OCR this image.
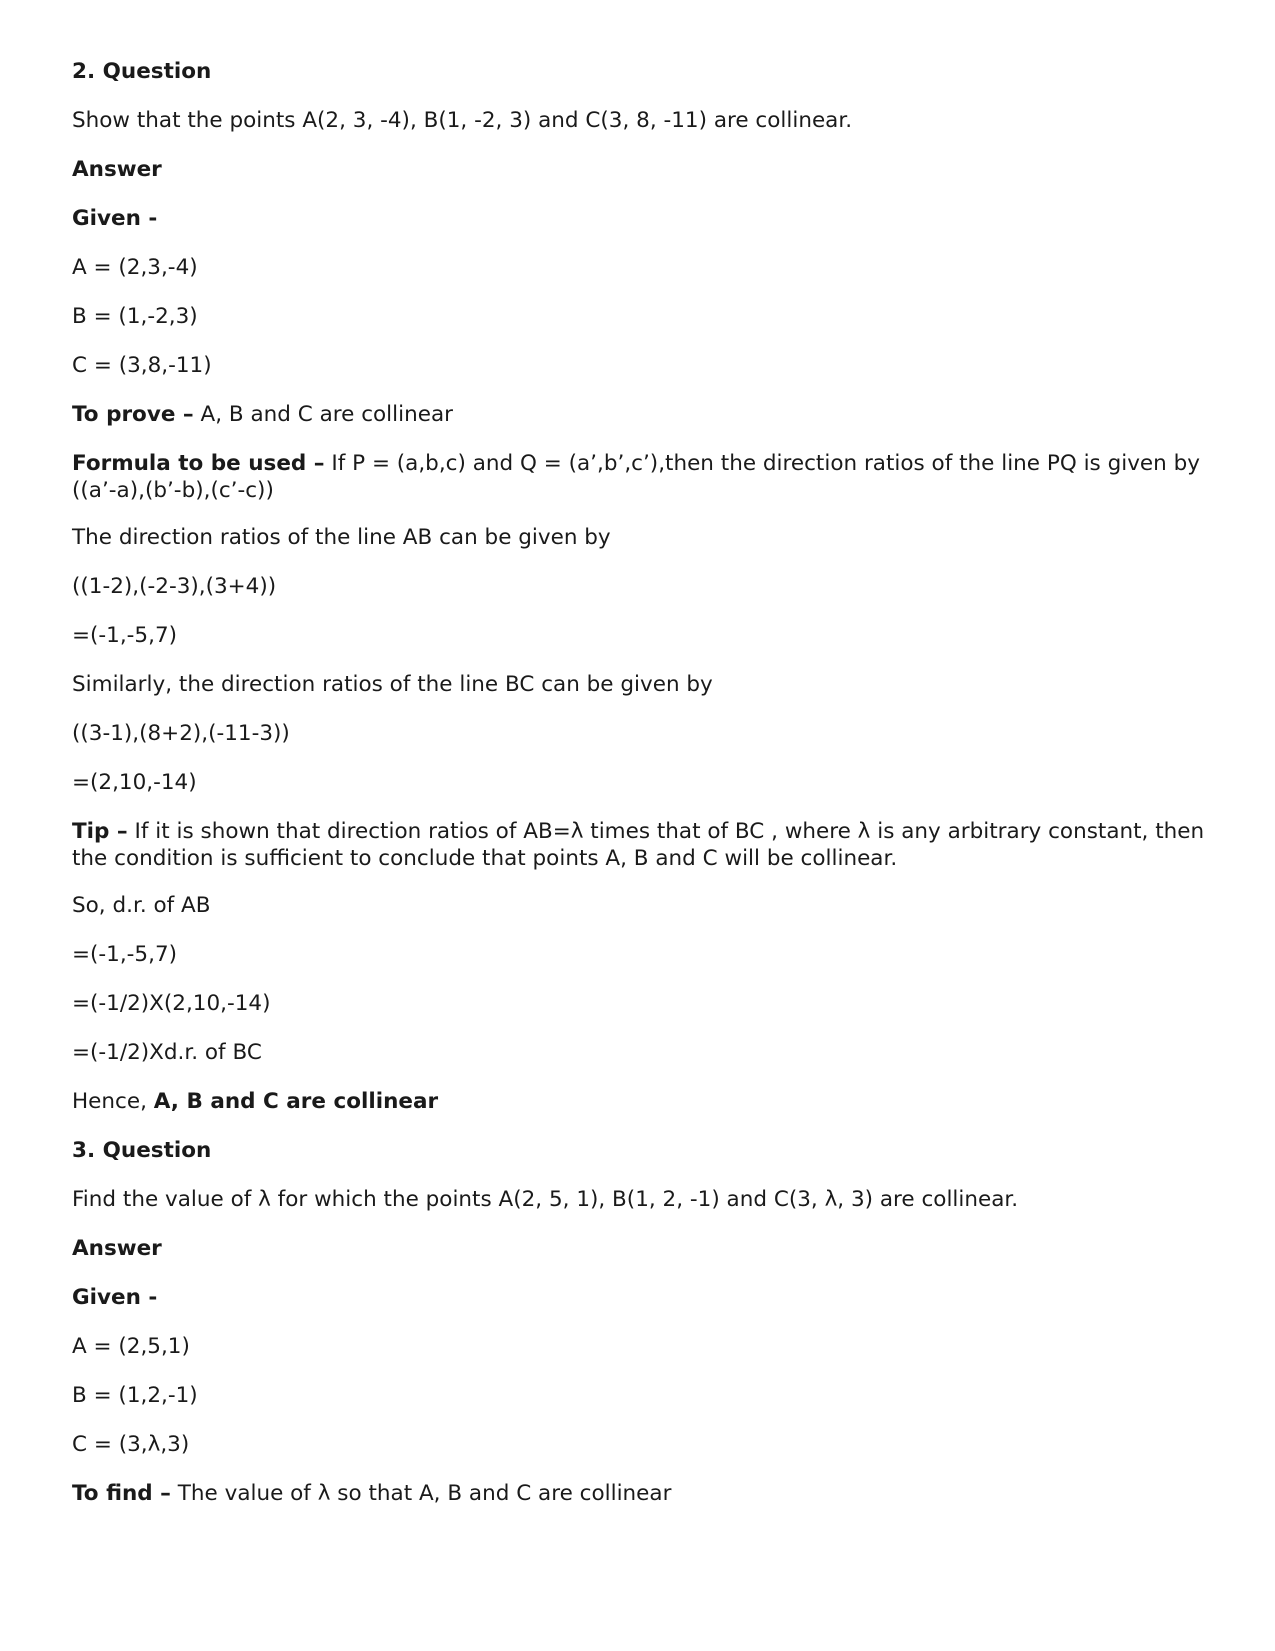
2. Question
Show that the points A(2, 3, -4), B(1, -2, 3) and C(3, 8, -11) are collinear.
Answer
Given -
A = (2,3,-4)
B = (1,-2,3)
C = (3,8,-11)
To prove – A, B and C are collinear
Formula to be used – If P = (a,b,c) and Q = (a’,b’,c’),then the direction ratios of the line PQ is given by ((a’-a),(b’-b),(c’-c))
The direction ratios of the line AB can be given by
((1-2),(-2-3),(3+4))
=(-1,-5,7)
Similarly, the direction ratios of the line BC can be given by
((3-1),(8+2),(-11-3))
=(2,10,-14)
Tip – If it is shown that direction ratios of AB=λ times that of BC , where λ is any arbitrary constant, then the condition is sufficient to conclude that points A, B and C will be collinear.
So, d.r. of AB
=(-1,-5,7)
=(-1/2)X(2,10,-14)
=(-1/2)Xd.r. of BC
Hence, A, B and C are collinear
3. Question
Find the value of λ for which the points A(2, 5, 1), B(1, 2, -1) and C(3, λ, 3) are collinear.
Answer
Given -
A = (2,5,1)
B = (1,2,-1)
C = (3,λ,3)
To find – The value of λ so that A, B and C are collinear
